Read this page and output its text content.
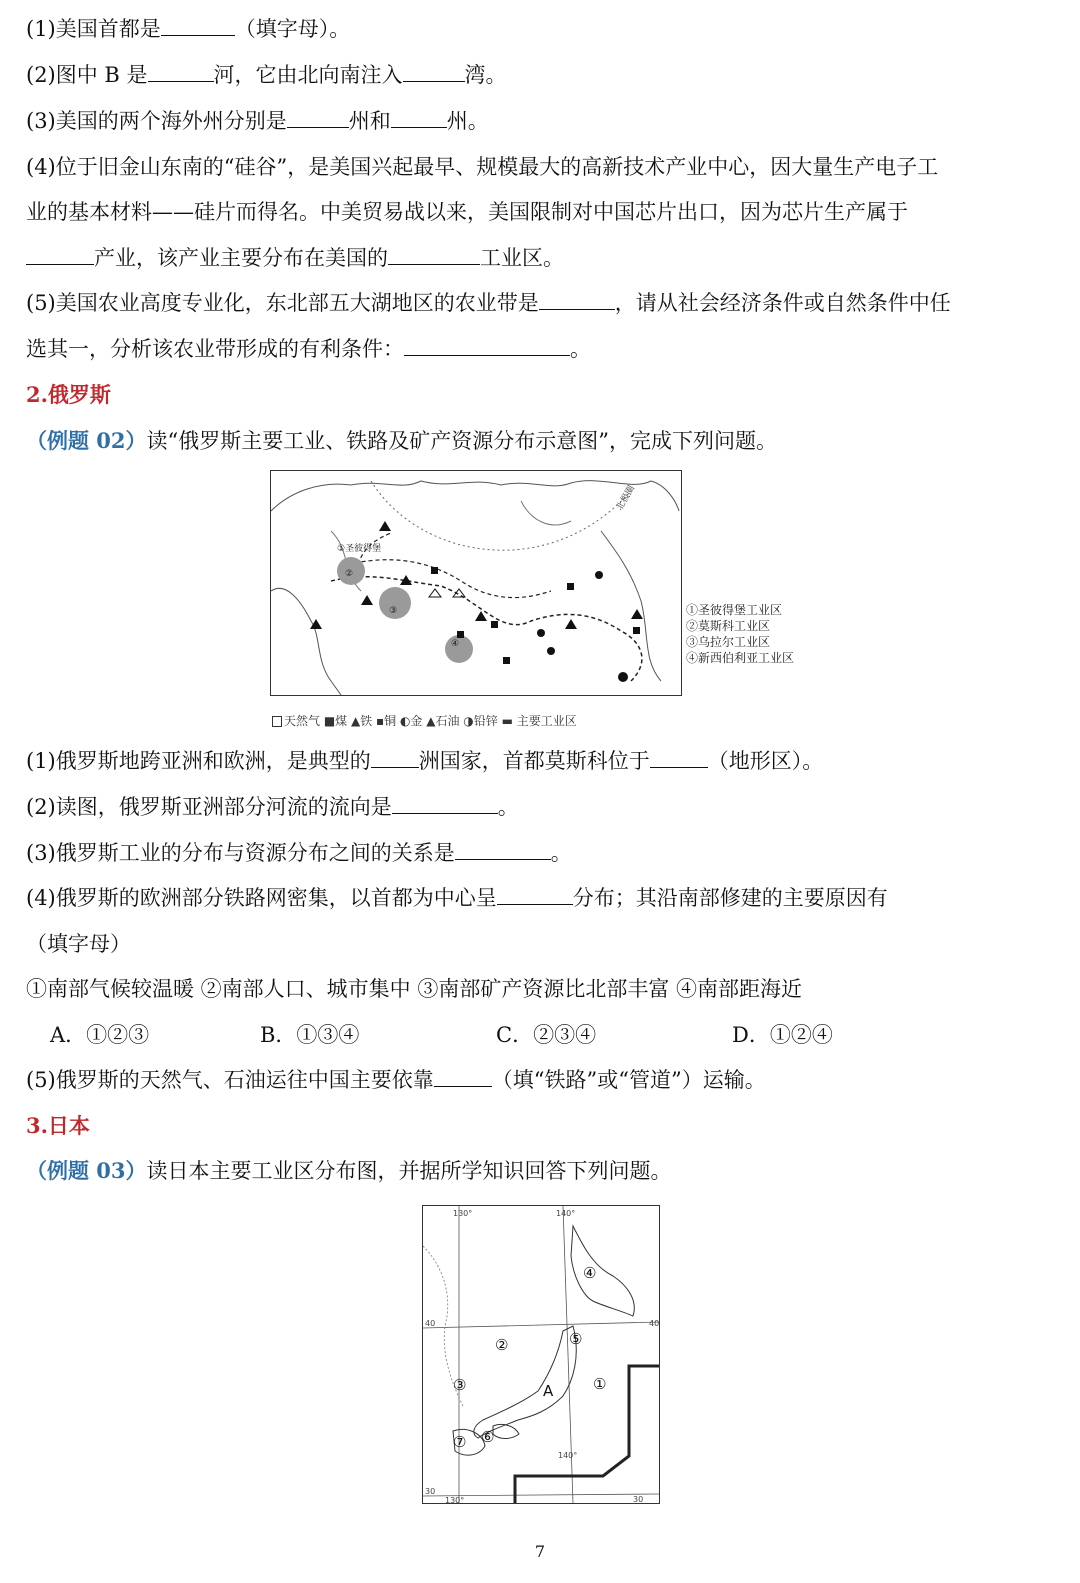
(1)美国首都是	（填字母）。
(2)图中 B 是	河，它由北向南注入	湾。
(3)美国的两个海外州分别是	州和	州。
(4)位于旧金山东南的“硅谷”，是美国兴起最早、规模最大的高新技术产业中心，因大量生产电子工
业的基本材料——硅片而得名。中美贸易战以来，美国限制对中国芯片出口，因为芯片生产属于
产业，该产业主要分布在美国的	工业区。
(5)美国农业高度专业化，东北部五大湖地区的农业带是	，请从社会经济条件或自然条件中任
选其一，分析该农业带形成的有利条件：	。
2.俄罗斯
（例题 02）读“俄罗斯主要工业、铁路及矿产资源分布示意图”，完成下列问题。
①圣彼得堡
④
③
②
北极圈
①圣彼得堡工业区
②莫斯科工业区
③乌拉尔工业区
④新西伯利亚工业区
天然气 ■煤 ▲铁 ▪铜 ◐金 ▲石油 ◑铅锌 ▬ 主要工业区
(1)俄罗斯地跨亚洲和欧洲，是典型的 洲国家，首都莫斯科位于	（地形区）。
(2)读图，俄罗斯亚洲部分河流的流向是	。
(3)俄罗斯工业的分布与资源分布之间的关系是	。
(4)俄罗斯的欧洲部分铁路网密集，以首都为中心呈	分布；其沿南部修建的主要原因有
（填字母）
①南部气候较温暖 ②南部人口、城市集中 ③南部矿产资源比北部丰富 ④南部距海近
A．①②③	B．①③④	C．②③④	D．①②④
(5)俄罗斯的天然气、石油运往中国主要依靠	（填“铁路”或“管道”）运输。
3.日本
（例题 03）读日本主要工业区分布图，并据所学知识回答下列问题。
130°	140°
140°
130°
40	40
30
30
①
②
③
④
⑤
⑥
⑦
A
7
